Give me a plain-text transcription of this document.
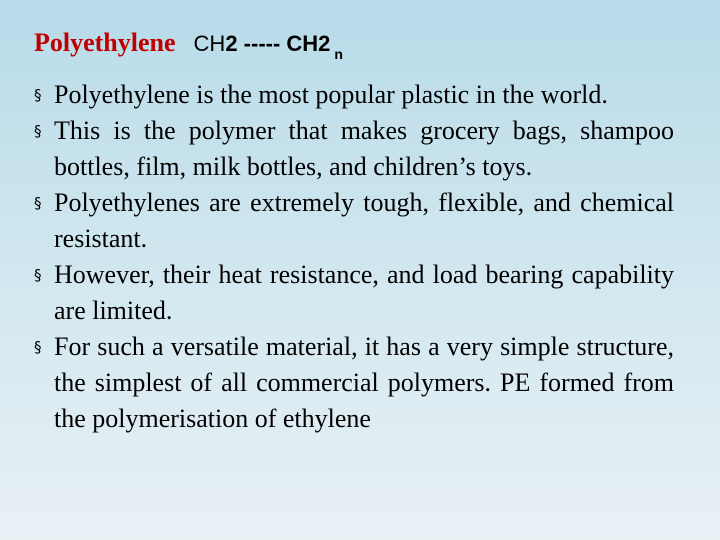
Polyethylene CH2 ----- CH2 $_n$
§ Polyethylene is the most popular plastic in the world.
§ This is the polymer that makes grocery bags, shampoo bottles, film, milk bottles, and children’s toys.
§ Polyethylenes are extremely tough, flexible, and chemical resistant.
§ However, their heat resistance, and load bearing capability are limited.
§ For such a versatile material, it has a very simple structure, the simplest of all commercial polymers. PE formed from the polymerisation of ethylene
